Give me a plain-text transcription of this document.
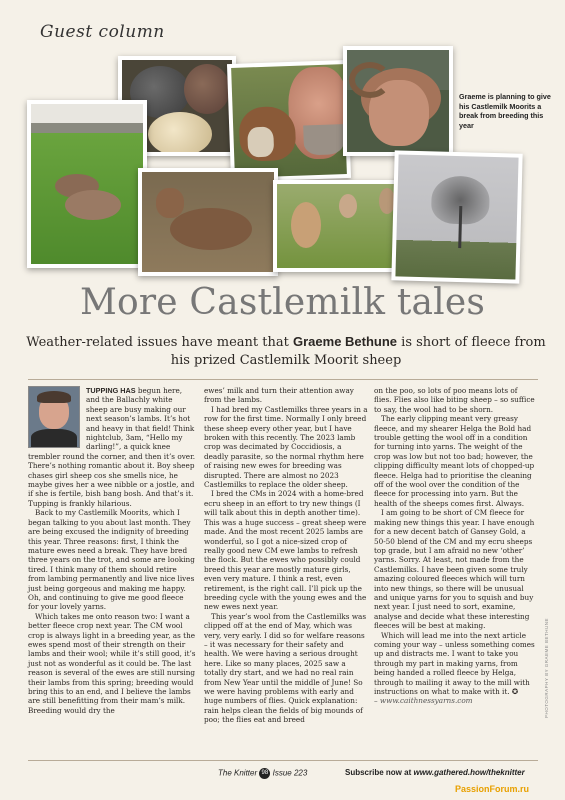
Guest column
Graeme is planning to give his Castlemilk Moorits a break from breeding this year
More Castlemilk tales
Weather-related issues have meant that Graeme Bethune is short of fleece from his prized Castlemilk Moorit sheep

TUPPING HAS begun here, and the Ballachly white sheep are busy making our next season’s lambs. It’s hot and heavy in that field! Think nightclub, 3am, “Hello my darling!”, a quick knee trembler round the corner, and then it’s over. There’s nothing romantic about it. Boy sheep chases girl sheep cos she smells nice, he maybe gives her a wee nibble or a jostle, and if she is fertile, bish bang bosh. And that’s it. Tupping is frankly hilarious.

Back to my Castlemilk Moorits, which I began talking to you about last month. They are being excused the indignity of breeding this year. Three reasons: first, I think the mature ewes need a break. They have bred three years on the trot, and some are looking tired. I think many of them should retire from lambing permanently and live nice lives just being gorgeous and making me happy. Oh, and continuing to give me good fleece for your lovely yarns.

Which takes me onto reason two: I want a better fleece crop next year. The CM wool crop is always light in a breeding year, as the ewes spend most of their strength on their lambs and their wool; while it’s still good, it’s just not as wonderful as it could be. The last reason is several of the ewes are still nursing their lambs from this spring; breeding would bring this to an end, and I believe the lambs are still benefitting from their mam’s milk. Breeding would dry the

ewes’ milk and turn their attention away from the lambs.

I had bred my Castlemilks three years in a row for the first time. Normally I only breed these sheep every other year, but I have broken with this recently. The 2023 lamb crop was decimated by Coccidiosis, a deadly parasite, so the normal rhythm here of raising new ewes for breeding was disrupted. There are almost no 2023 Castlemilks to replace the older sheep.

I bred the CMs in 2024 with a home-bred ecru sheep in an effort to try new things (I will talk about this in depth another time). This was a huge success – great sheep were made. And the most recent 2025 lambs are wonderful, so I got a nice-sized crop of really good new CM ewe lambs to refresh the flock. But the ewes who possibly could breed this year are mostly mature girls, even very mature. I think a rest, even retirement, is the right call. I’ll pick up the breeding cycle with the young ewes and the new ewes next year.

This year’s wool from the Castlemilks was clipped off at the end of May, which was very, very early. I did so for welfare reasons – it was necessary for their safety and health. We were having a serious drought here. Like so many places, 2025 saw a totally dry start, and we had no real rain from New Year until the middle of June! So we were having problems with early and huge numbers of flies. Quick explanation: rain helps clean the fields of big mounds of poo; the flies eat and breed

on the poo, so lots of poo means lots of flies. Flies also like biting sheep – so suffice to say, the wool had to be shorn.

The early clipping meant very greasy fleece, and my shearer Helga the Bold had trouble getting the wool off in a condition for turning into yarns. The weight of the crop was low but not too bad; however, the clipping difficulty meant lots of chopped-up fleece. Helga had to prioritise the cleaning off of the wool over the condition of the fleece for processing into yarn. But the health of the sheeps comes first. Always.

I am going to be short of CM fleece for making new things this year. I have enough for a new decent batch of Gansey Gold, a 50-50 blend of the CM and my ecru sheeps top grade, but I am afraid no new ‘other’ yarns. Sorry. At least, not made from the Castlemilks. I have been given some truly amazing coloured fleeces which will turn into new things, so there will be unusual and unique yarns for you to squish and buy next year. I just need to sort, examine, analyse and decide what these interesting fleeces will be best at making.

Which will lead me into the next article coming your way – unless something comes up and distracts me. I want to take you through my part in making yarns, from being handed a rolled fleece by Helga, through to mailing it away to the mill with instructions on what to make with it. ✪

– www.caithnessyarns.com	PHOTOGRAPHY BY GRAEME BETHUNE
The Knitter 98 Issue 223	Subscribe now at www.gathered.how/theknitter
PassionForum.ru
